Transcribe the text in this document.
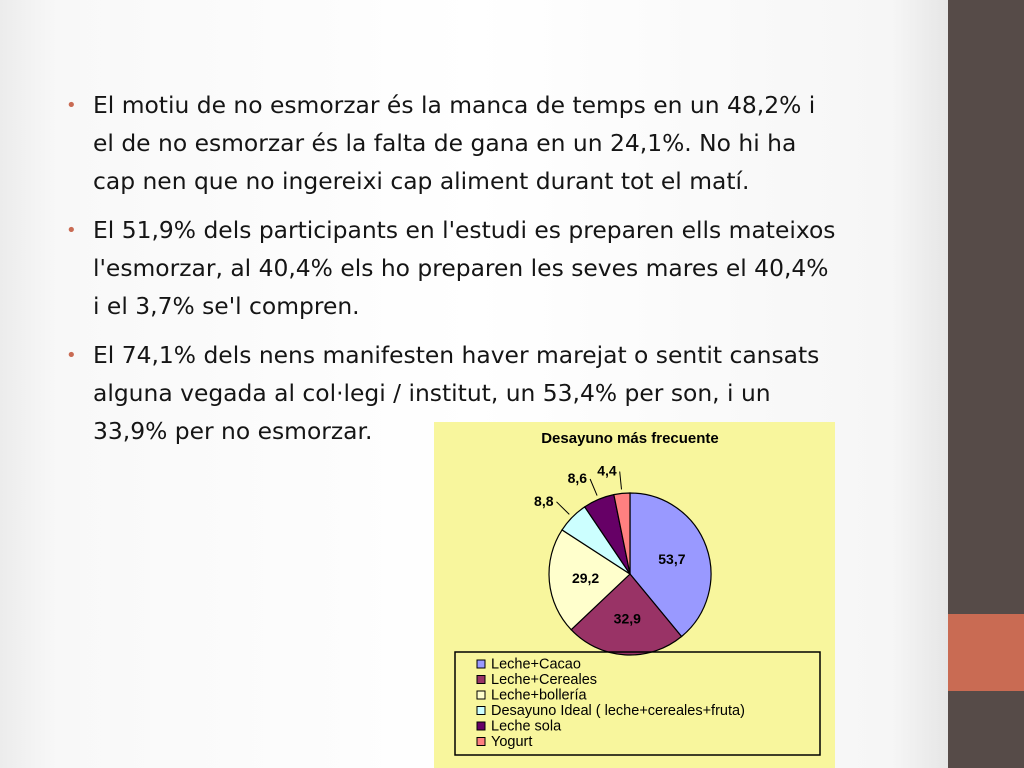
• El motiu de no esmorzar és la manca de temps en un 48,2% i
el de no esmorzar és la falta de gana en un 24,1%. No hi ha
cap nen que no ingereixi cap aliment durant tot el matí.
• El 51,9% dels participants en l'estudi es preparen ells mateixos
l'esmorzar, al 40,4% els ho preparen les seves mares el 40,4%
i el 3,7% se'l compren.
• El 74,1% dels nens manifesten haver marejat o sentit cansats
alguna vegada al col·legi / institut, un 53,4% per son, i un
33,9% per no esmorzar.	Desayuno más frecuente
53,7
32,9
29,2
8,8
8,6 4,4
Leche+Cacao
Leche+Cereales
Leche+bollería
Desayuno Ideal ( leche+cereales+fruta)
Leche sola
Yogurt
